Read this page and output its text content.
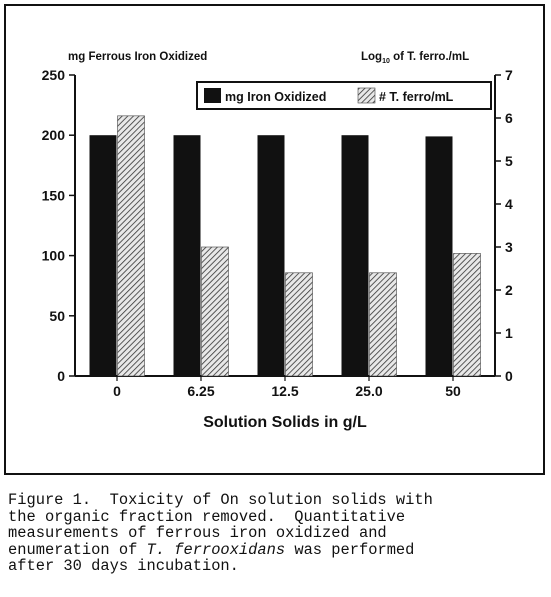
0
50
100
150
200
250
0
1
2
3
4
5
6
7
0	6.25	12.5	25.0	50
mg Ferrous Iron Oxidized	Log$_{10}$ of T. ferro./mL
Solution Solids in g/L
mg Iron Oxidized	# T. ferro/mL
Figure 1.  Toxicity of On solution solids with
the organic fraction removed.  Quantitative
measurements of ferrous iron oxidized and
enumeration of T. ferrooxidans was performed
after 30 days incubation.
